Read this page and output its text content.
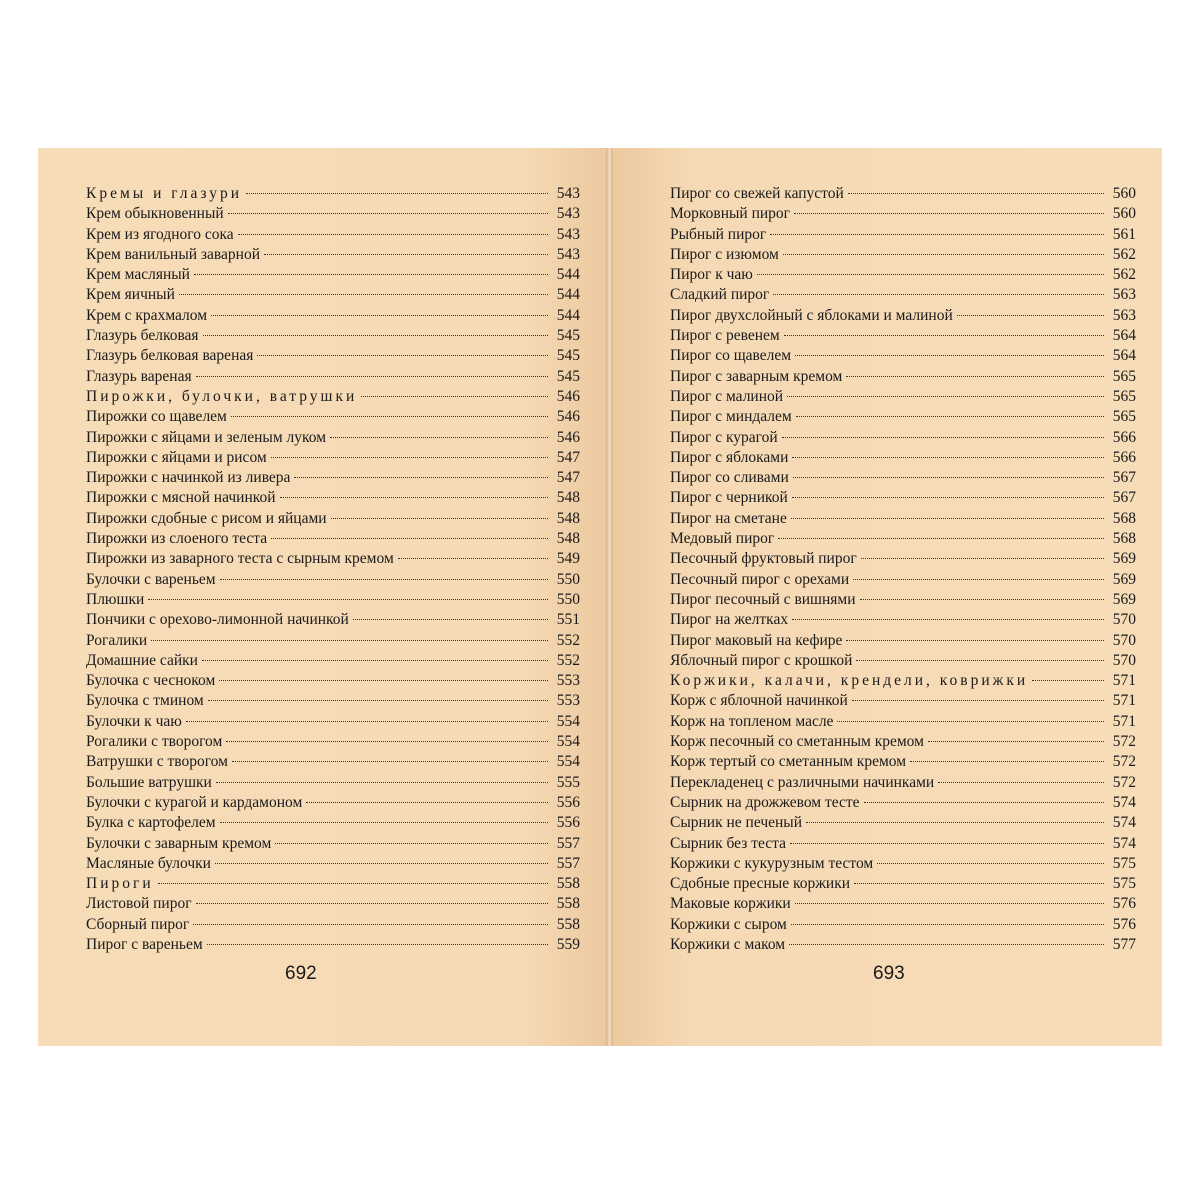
Кремы и глазури	543
Крем обыкновенный	543
Крем из ягодного сока	543
Крем ванильный заварной	543
Крем масляный	544
Крем яичный	544
Крем с крахмалом	544
Глазурь белковая	545
Глазурь белковая вареная	545
Глазурь вареная	545
Пирожки, булочки, ватрушки	546
Пирожки со щавелем	546
Пирожки с яйцами и зеленым луком	546
Пирожки с яйцами и рисом	547
Пирожки с начинкой из ливера	547
Пирожки с мясной начинкой	548
Пирожки сдобные с рисом и яйцами	548
Пирожки из слоеного теста	548
Пирожки из заварного теста с сырным кремом	549
Булочки с вареньем	550
Плюшки	550
Пончики с орехово-лимонной начинкой	551
Рогалики	552
Домашние сайки	552
Булочка с чесноком	553
Булочка с тмином	553
Булочки к чаю	554
Рогалики с творогом	554
Ватрушки с творогом	554
Большие ватрушки	555
Булочки с курагой и кардамоном	556
Булка с картофелем	556
Булочки с заварным кремом	557
Масляные булочки	557
Пироги	558
Листовой пирог	558
Сборный пирог	558
Пирог с вареньем	559
692
Пирог со свежей капустой	560
Морковный пирог	560
Рыбный пирог	561
Пирог с изюмом	562
Пирог к чаю	562
Сладкий пирог	563
Пирог двухслойный с яблоками и малиной	563
Пирог с ревенем	564
Пирог со щавелем	564
Пирог с заварным кремом	565
Пирог с малиной	565
Пирог с миндалем	565
Пирог с курагой	566
Пирог с яблоками	566
Пирог со сливами	567
Пирог с черникой	567
Пирог на сметане	568
Медовый пирог	568
Песочный фруктовый пирог	569
Песочный пирог с орехами	569
Пирог песочный с вишнями	569
Пирог на желтках	570
Пирог маковый на кефире	570
Яблочный пирог с крошкой	570
Коржики, калачи, крендели, коврижки	571
Корж с яблочной начинкой	571
Корж на топленом масле	571
Корж песочный со сметанным кремом	572
Корж тертый со сметанным кремом	572
Перекладенец с различными начинками	572
Сырник на дрожжевом тесте	574
Сырник не печеный	574
Сырник без теста	574
Коржики с кукурузным тестом	575
Сдобные пресные коржики	575
Маковые коржики	576
Коржики с сыром	576
Коржики с маком	577
693
